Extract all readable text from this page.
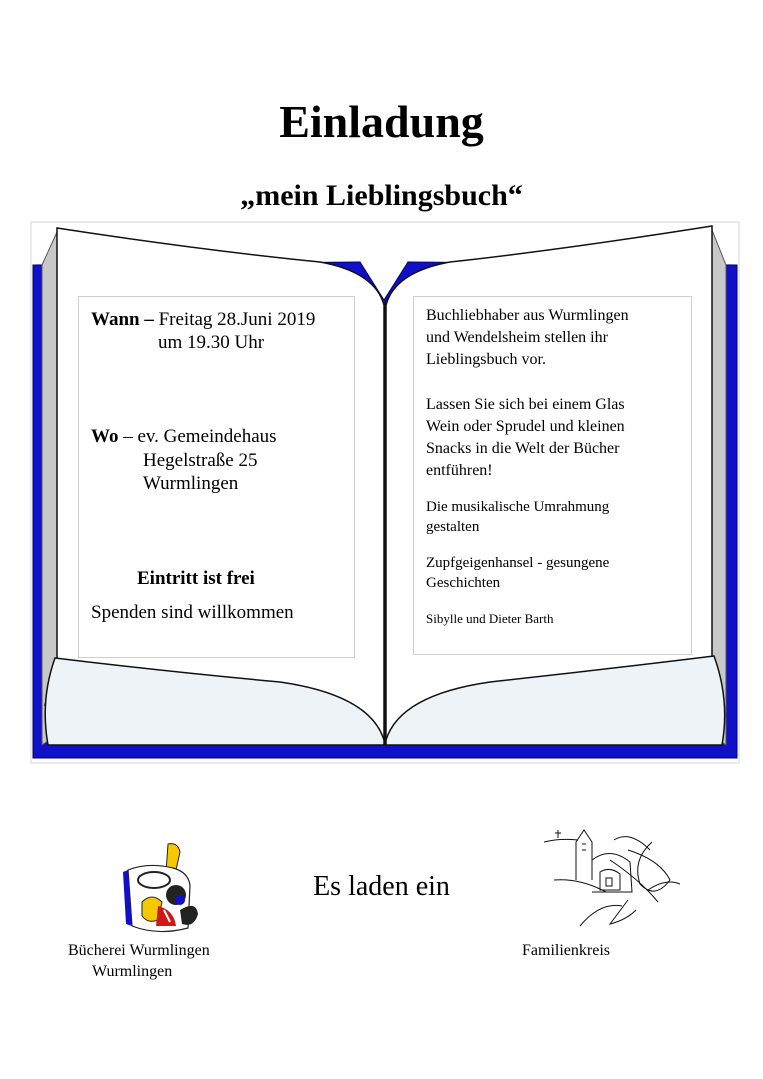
Einladung
„mein Lieblingsbuch“
Wann – Freitag 28.Juni 2019
um 19.30 Uhr
Wo – ev. Gemeindehaus
Hegelstraße 25
Wurmlingen
Eintritt ist frei
Spenden sind willkommen
Buchliebhaber aus Wurmlingen
und Wendelsheim stellen ihr
Lieblingsbuch vor.
Lassen Sie sich bei einem Glas
Wein oder Sprudel und kleinen
Snacks in die Welt der Bücher
entführen!
Die musikalische Umrahmung
gestalten
Zupfgeigenhansel - gesungene
Geschichten
Sibylle und Dieter Barth
Es laden ein
Bücherei Wurmlingen
Wurmlingen
Familienkreis
